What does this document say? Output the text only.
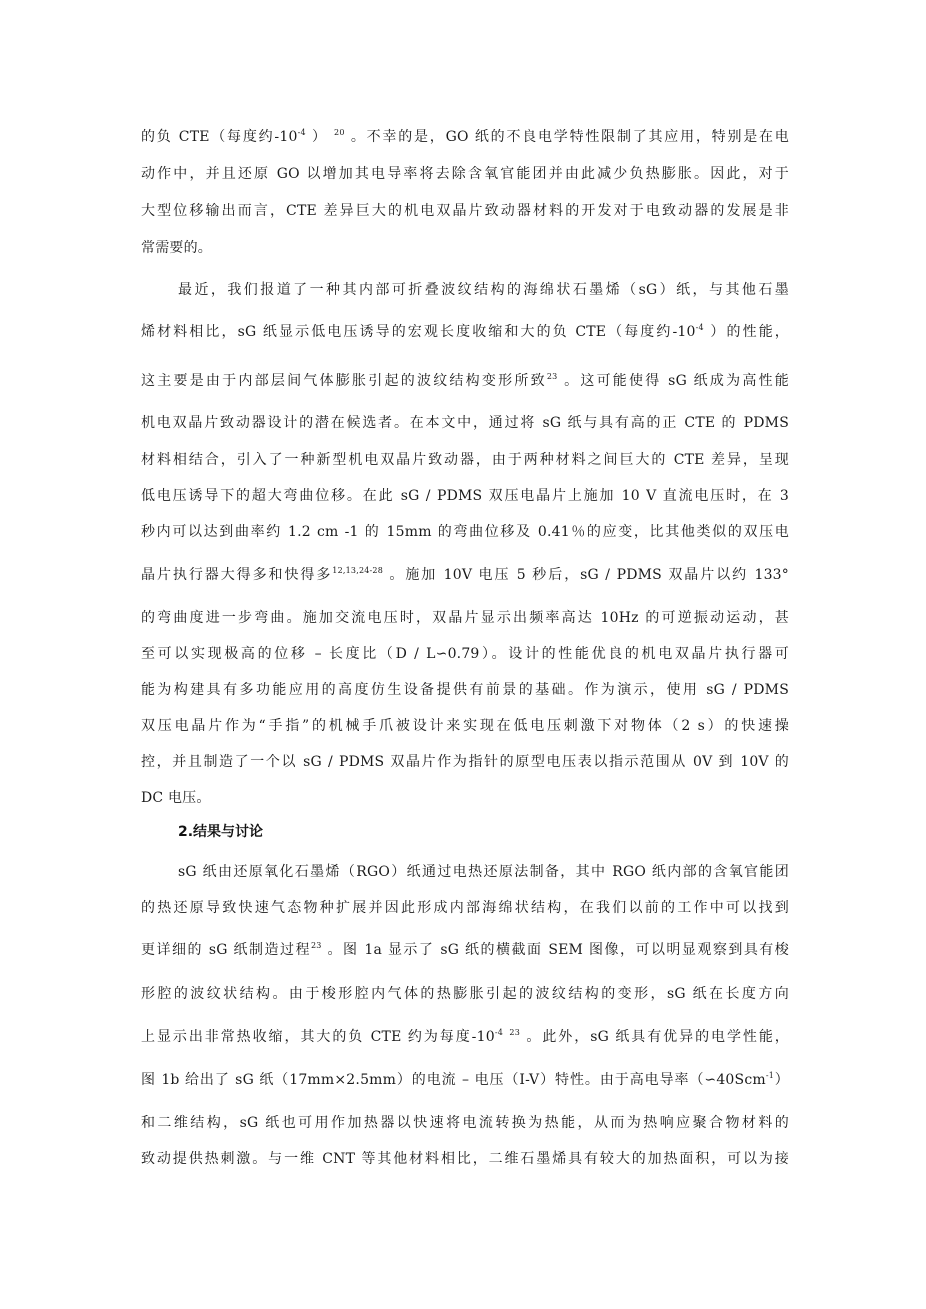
的负 CTE（每度约$-10^{-4}$ ） $^{20}$ 。不幸的是，GO 纸的不良电学特性限制了其应用，特别是在电
动作中，并且还原 GO 以增加其电导率将去除含氧官能团并由此减少负热膨胀。因此，对于
大型位移输出而言，CTE 差异巨大的机电双晶片致动器材料的开发对于电致动器的发展是非
常需要的。
最近，我们报道了一种其内部可折叠波纹结构的海绵状石墨烯（sG）纸，与其他石墨
烯材料相比，sG 纸显示低电压诱导的宏观长度收缩和大的负 CTE（每度约$-10^{-4}$ ）的性能，
这主要是由于内部层间气体膨胀引起的波纹结构变形所致$^{23}$ 。这可能使得 sG 纸成为高性能
机电双晶片致动器设计的潜在候选者。在本文中，通过将 sG 纸与具有高的正 CTE 的 PDMS
材料相结合，引入了一种新型机电双晶片致动器，由于两种材料之间巨大的 CTE 差异，呈现
低电压诱导下的超大弯曲位移。在此 sG / PDMS 双压电晶片上施加 10 V 直流电压时，在 3
秒内可以达到曲率约 1.2 cm -1 的 15mm 的弯曲位移及 0.41％的应变，比其他类似的双压电
晶片执行器大得多和快得多$^{12,13,24-28}$ 。施加 10V 电压 5 秒后，sG / PDMS 双晶片以约 133°
的弯曲度进一步弯曲。施加交流电压时，双晶片显示出频率高达 10Hz 的可逆振动运动，甚
至可以实现极高的位移 – 长度比（D / L∽0.79）。设计的性能优良的机电双晶片执行器可
能为构建具有多功能应用的高度仿生设备提供有前景的基础。作为演示，使用 sG / PDMS
双压电晶片作为“手指”的机械手爪被设计来实现在低电压刺激下对物体（2 s）的快速操
控，并且制造了一个以 sG / PDMS 双晶片作为指针的原型电压表以指示范围从 0V 到 10V 的
DC 电压。
2.结果与讨论
sG 纸由还原氧化石墨烯（RGO）纸通过电热还原法制备，其中 RGO 纸内部的含氧官能团
的热还原导致快速气态物种扩展并因此形成内部海绵状结构，在我们以前的工作中可以找到
更详细的 sG 纸制造过程$^{23}$ 。图 1a 显示了 sG 纸的横截面 SEM 图像，可以明显观察到具有梭
形腔的波纹状结构。由于梭形腔内气体的热膨胀引起的波纹结构的变形，sG 纸在长度方向
上显示出非常热收缩，其大的负 CTE 约为每度$-10^{-4}$ $^{23}$ 。此外，sG 纸具有优异的电学性能，
图 1b 给出了 sG 纸（17mm×2.5mm）的电流 – 电压（I-V）特性。由于高电导率（∽40Scm$^{-1}$）
和二维结构，sG 纸也可用作加热器以快速将电流转换为热能，从而为热响应聚合物材料的
致动提供热刺激。与一维 CNT 等其他材料相比，二维石墨烯具有较大的加热面积，可以为接
